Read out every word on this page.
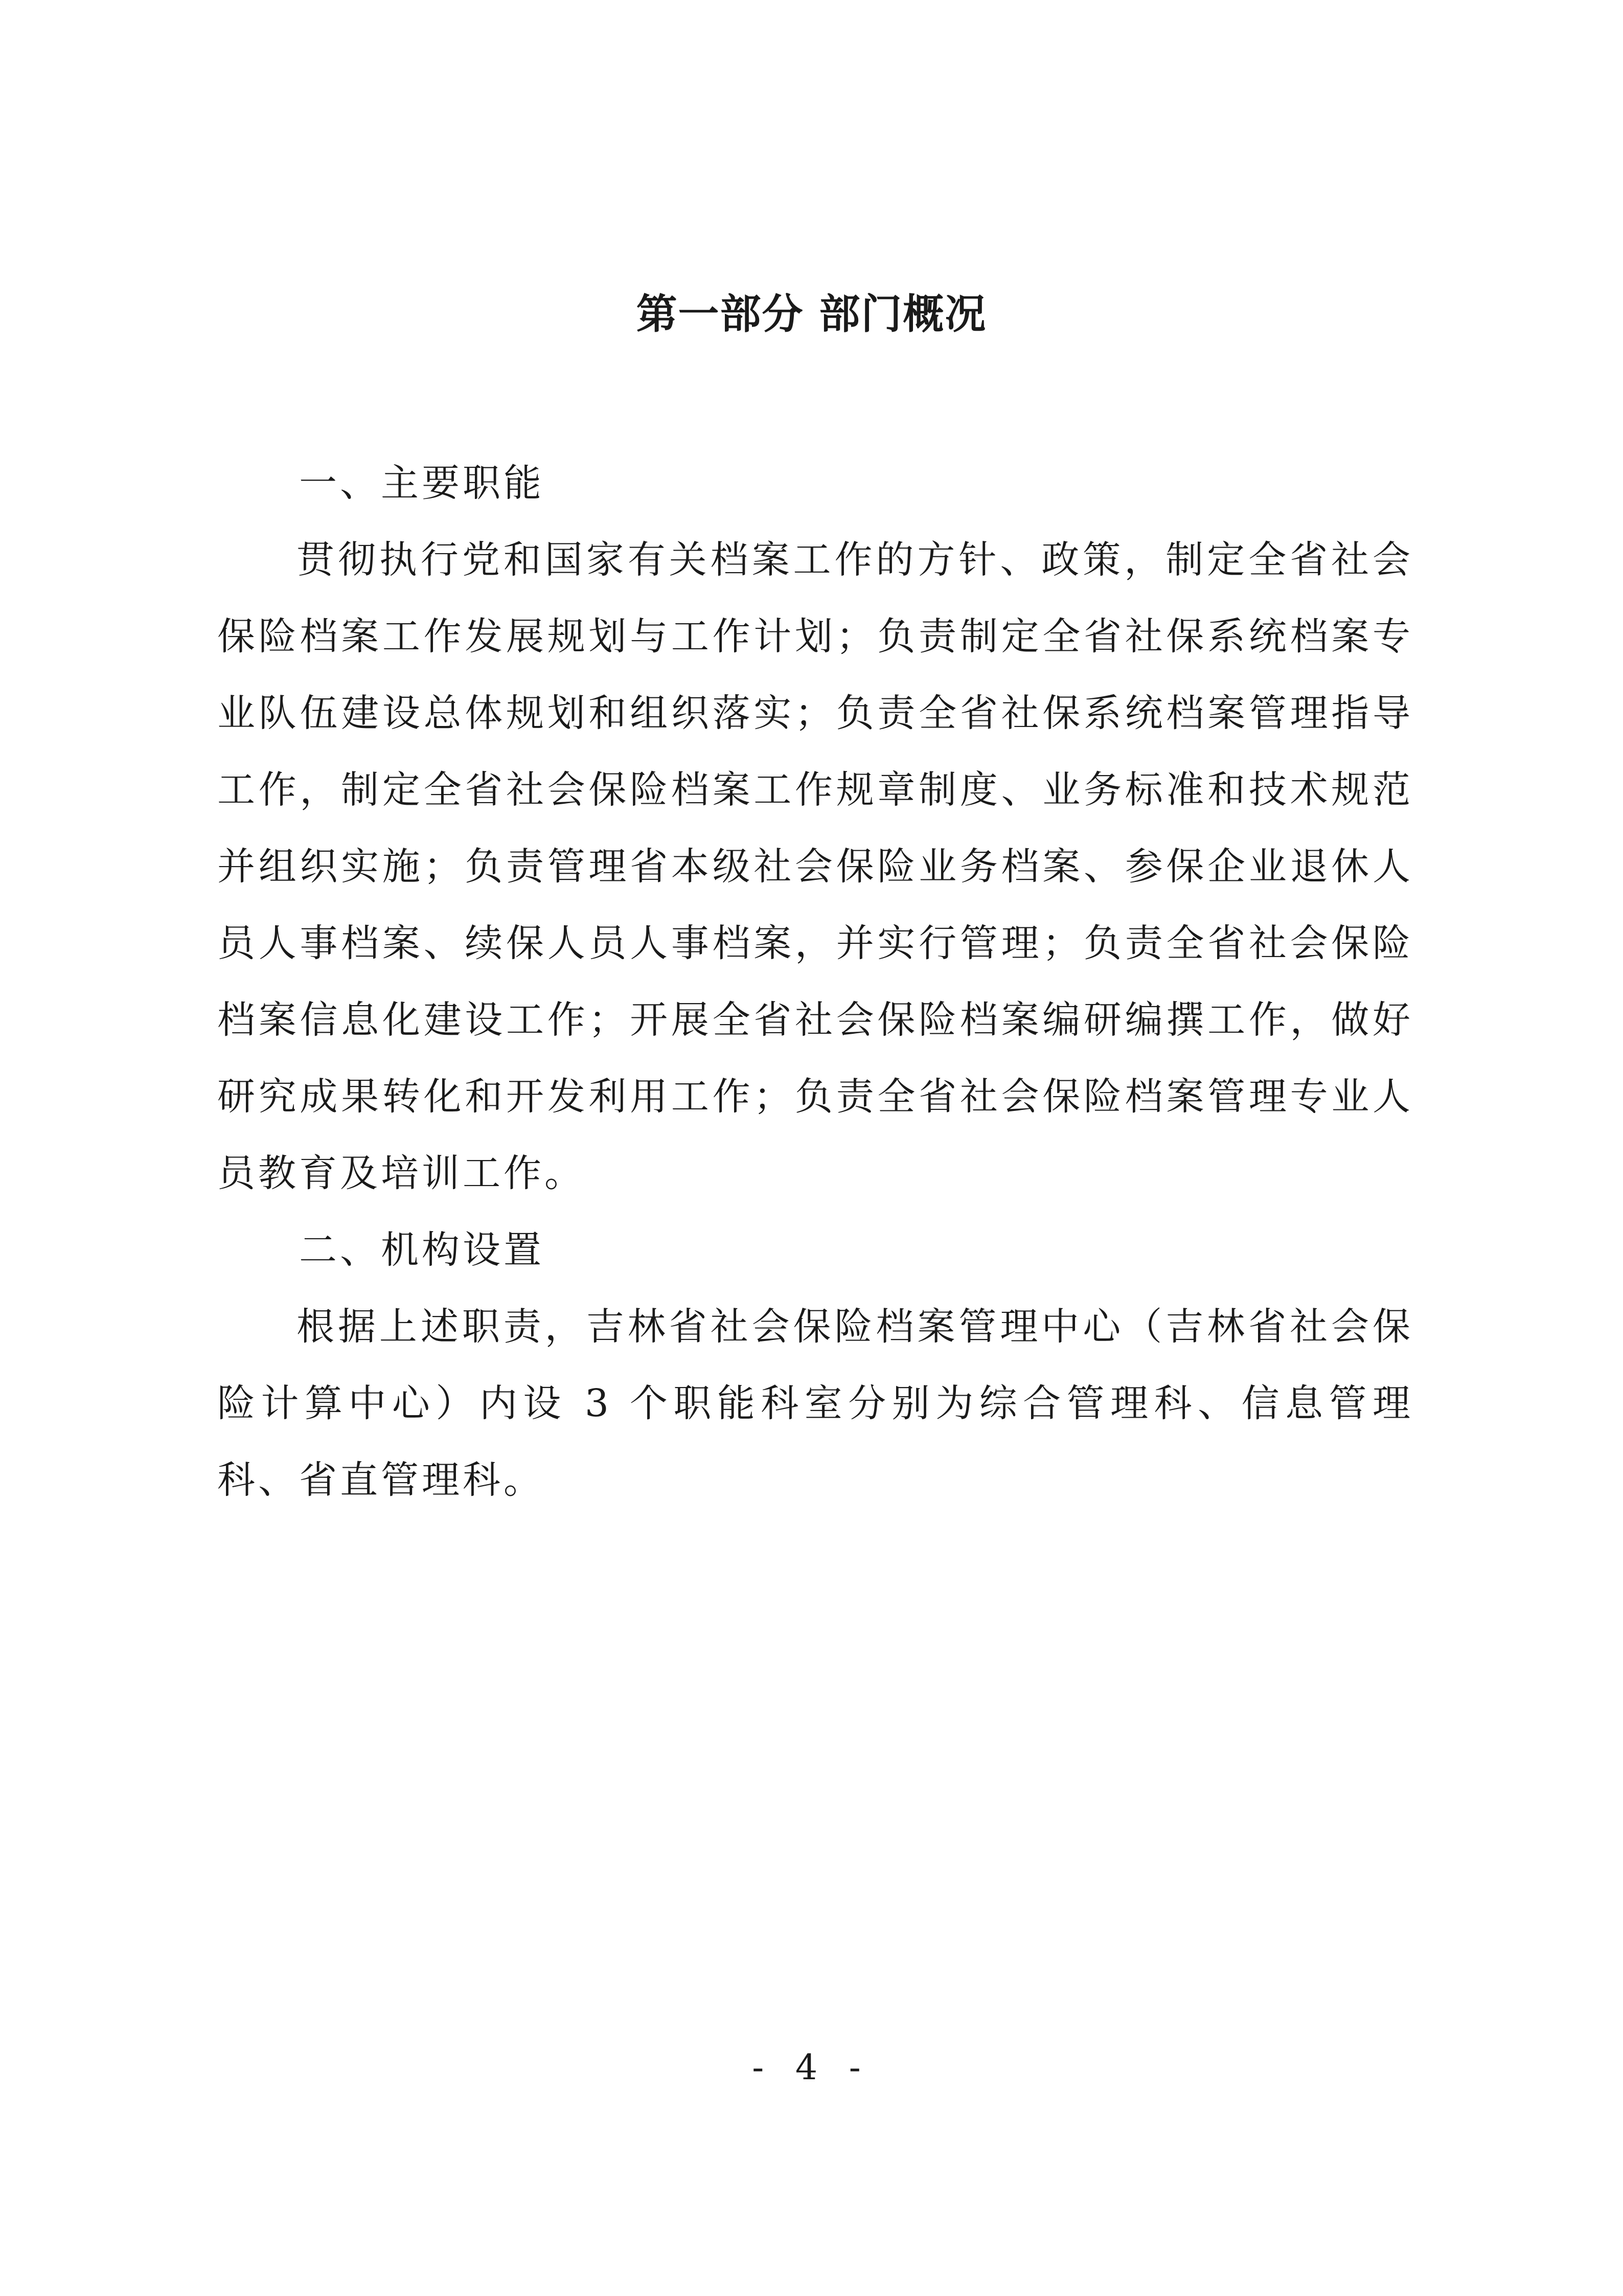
第一部分 部门概况
一、主要职能
贯彻执行党和国家有关档案工作的方针、政策，制定全省社会保险档案工作发展规划与工作计划；负责制定全省社保系统档案专业队伍建设总体规划和组织落实；负责全省社保系统档案管理指导工作，制定全省社会保险档案工作规章制度、业务标准和技术规范并组织实施；负责管理省本级社会保险业务档案、参保企业退休人员人事档案、续保人员人事档案，并实行管理；负责全省社会保险档案信息化建设工作；开展全省社会保险档案编研编撰工作，做好研究成果转化和开发利用工作；负责全省社会保险档案管理专业人员教育及培训工作。
二、机构设置
根据上述职责，吉林省社会保险档案管理中心（吉林省社会保险计算中心）内设 3 个职能科室分别为综合管理科、信息管理科、省直管理科。
- 4 -
